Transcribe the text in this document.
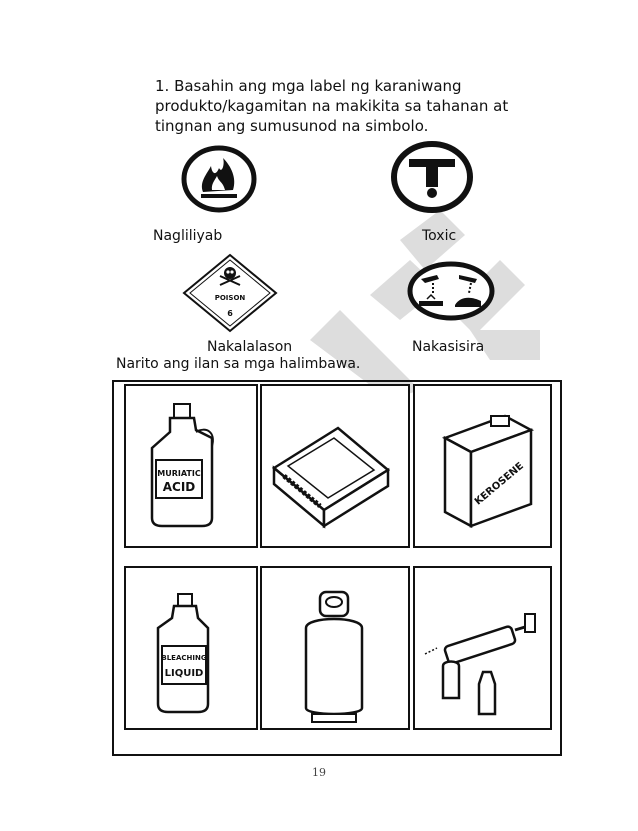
1. Basahin ang mga label ng karaniwang
produkto/kagamitan na makikita sa tahanan at
tingnan ang sumusunod na simbolo.
Nagliliyab	Toxic
POISON
6
Nakalalason	Nakasisira
Narito ang ilan sa mga halimbawa.
MURIATIC
ACID	KEROSENE
BLEACHING
LIQUID
19
